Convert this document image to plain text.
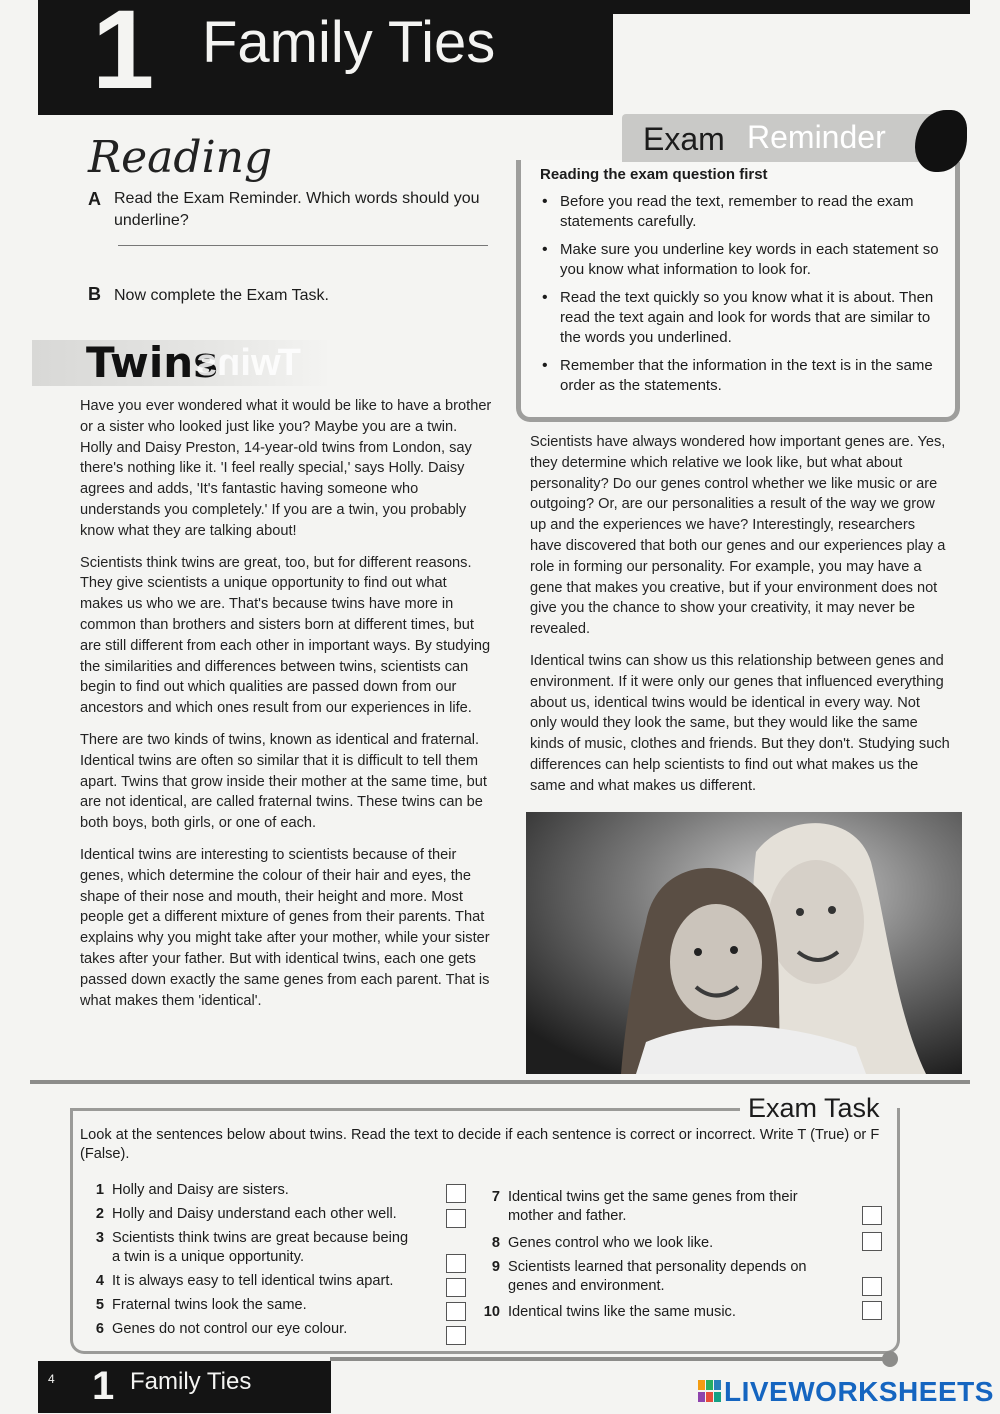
1 Family Ties
Reading
A Read the Exam Reminder. Which words should you underline?
B Now complete the Exam Task.
Twins
Twins

Have you ever wondered what it would be like to have a brother or a sister who looked just like you? Maybe you are a twin. Holly and Daisy Preston, 14-year-old twins from London, say there's nothing like it. 'I feel really special,' says Holly. Daisy agrees and adds, 'It's fantastic having someone who understands you completely.' If you are a twin, you probably know what they are talking about!

Scientists think twins are great, too, but for different reasons. They give scientists a unique opportunity to find out what makes us who we are. That's because twins have more in common than brothers and sisters born at different times, but are still different from each other in important ways. By studying the similarities and differences between twins, scientists can begin to find out which qualities are passed down from our ancestors and which ones result from our experiences in life.

There are two kinds of twins, known as identical and fraternal. Identical twins are often so similar that it is difficult to tell them apart. Twins that grow inside their mother at the same time, but are not identical, are called fraternal twins. These twins can be both boys, both girls, or one of each.

Identical twins are interesting to scientists because of their genes, which determine the colour of their hair and eyes, the shape of their nose and mouth, their height and more. Most people get a different mixture of genes from their parents. That explains why you might take after your mother, while your sister takes after your father. But with identical twins, each one gets passed down exactly the same genes from each parent. That is what makes them 'identical'.

Exam Reminder
Reading the exam question first
• Before you read the text, remember to read the exam statements carefully.
• Make sure you underline key words in each statement so you know what information to look for.
• Read the text quickly so you know what it is about. Then read the text again and look for words that are similar to the words you underlined.
• Remember that the information in the text is in the same order as the statements.

Scientists have always wondered how important genes are. Yes, they determine which relative we look like, but what about personality? Do our genes control whether we like music or are outgoing? Or, are our personalities a result of the way we grow up and the experiences we have? Interestingly, researchers have discovered that both our genes and our experiences play a role in forming our personality. For example, you may have a gene that makes you creative, but if your environment does not give you the chance to show your creativity, it may never be revealed.

Identical twins can show us this relationship between genes and environment. If it were only our genes that influenced everything about us, identical twins would be identical in every way. Not only would they look the same, but they would like the same kinds of music, clothes and friends. But they don't. Studying such differences can help scientists to find out what makes us the same and what makes us different.

Exam Task
Look at the sentences below about twins. Read the text to decide if each sentence is correct or incorrect. Write T (True) or F (False).
1 Holly and Daisy are sisters.
2 Holly and Daisy understand each other well.
3 Scientists think twins are great because being a twin is a unique opportunity.
4 It is always easy to tell identical twins apart.
5 Fraternal twins look the same.
6 Genes do not control our eye colour.
7 Identical twins get the same genes from their mother and father.
8 Genes control who we look like.
9 Scientists learned that personality depends on genes and environment.
10 Identical twins like the same music.
4 1 Family Ties	LIVEWORKSHEETS
